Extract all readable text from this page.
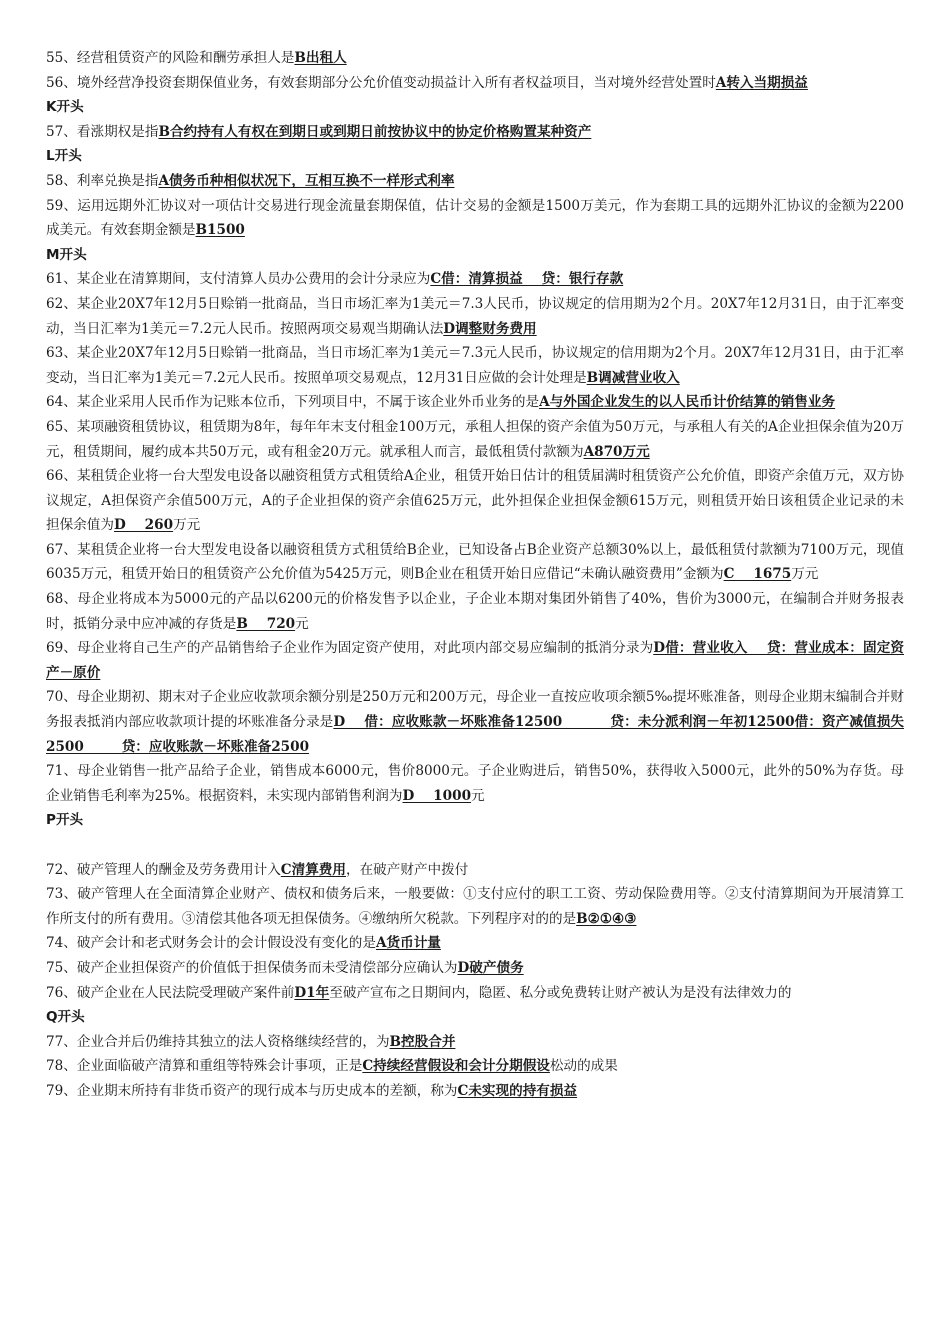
55、经营租赁资产的风险和酬劳承担人是B出租人

56、境外经营净投资套期保值业务，有效套期部分公允价值变动损益计入所有者权益项目，当对境外经营处置时A转入当期损益

K开头

57、看涨期权是指B合约持有人有权在到期日或到期日前按协议中的协定价格购置某种资产

L开头

58、利率兑换是指A债务币种相似状况下，互相互换不一样形式利率

59、运用远期外汇协议对一项估计交易进行现金流量套期保值，估计交易的金额是1500万美元，作为套期工具的远期外汇协议的金额为2200成美元。有效套期金额是B1500

M开头

61、某企业在清算期间，支付清算人员办公费用的会计分录应为C借：清算损益    贷：银行存款

62、某企业20X7年12月5日赊销一批商品，当日市场汇率为1美元＝7.3人民币，协议规定的信用期为2个月。20X7年12月31日，由于汇率变动，当日汇率为1美元＝7.2元人民币。按照两项交易观当期确认法D调整财务费用

63、某企业20X7年12月5日赊销一批商品，当日市场汇率为1美元＝7.3元人民币，协议规定的信用期为2个月。20X7年12月31日，由于汇率变动，当日汇率为1美元＝7.2元人民币。按照单项交易观点，12月31日应做的会计处理是B调减营业收入

64、某企业采用人民币作为记账本位币，下列项目中，不属于该企业外币业务的是A与外国企业发生的以人民币计价结算的销售业务

65、某项融资租赁协议，租赁期为8年，每年年末支付租金100万元，承租人担保的资产余值为50万元，与承租人有关的A企业担保余值为20万元，租赁期间，履约成本共50万元，或有租金20万元。就承租人而言，最低租赁付款额为A870万元

66、某租赁企业将一台大型发电设备以融资租赁方式租赁给A企业，租赁开始日估计的租赁届满时租赁资产公允价值，即资产余值万元，双方协议规定，A担保资产余值500万元，A的子企业担保的资产余值625万元，此外担保企业担保金额615万元，则租赁开始日该租赁企业记录的未担保余值为D    260万元

67、某租赁企业将一台大型发电设备以融资租赁方式租赁给B企业，已知设备占B企业资产总额30%以上，最低租赁付款额为7100万元，现值6035万元，租赁开始日的租赁资产公允价值为5425万元，则B企业在租赁开始日应借记“未确认融资费用”金额为C    1675万元

68、母企业将成本为5000元的产品以6200元的价格发售予以企业，子企业本期对集团外销售了40%，售价为3000元，在编制合并财务报表时，抵销分录中应冲减的存货是B    720元

69、母企业将自己生产的产品销售给子企业作为固定资产使用，对此项内部交易应编制的抵消分录为D借：营业收入    贷：营业成本：固定资产－原价

70、母企业期初、期末对子企业应收款项余额分别是250万元和200万元，母企业一直按应收项余额5‰提坏账准备，则母企业期末编制合并财务报表抵消内部应收款项计提的坏账准备分录是D    借：应收账款－坏账准备12500          贷：未分派利润－年初12500借：资产减值损失2500        贷：应收账款－坏账准备2500

71、母企业销售一批产品给子企业，销售成本6000元，售价8000元。子企业购进后，销售50%，获得收入5000元，此外的50%为存货。母企业销售毛利率为25%。根据资料，未实现内部销售利润为D    1000元

P开头

72、破产管理人的酬金及劳务费用计入C清算费用，在破产财产中拨付

73、破产管理人在全面清算企业财产、债权和债务后来，一般要做：①支付应付的职工工资、劳动保险费用等。②支付清算期间为开展清算工作所支付的所有费用。③清偿其他各项无担保债务。④缴纳所欠税款。下列程序对的的是B②①④③

74、破产会计和老式财务会计的会计假设没有变化的是A货币计量

75、破产企业担保资产的价值低于担保债务而未受清偿部分应确认为D破产债务

76、破产企业在人民法院受理破产案件前D1年至破产宣布之日期间内，隐匿、私分或免费转让财产被认为是没有法律效力的

Q开头

77、企业合并后仍维持其独立的法人资格继续经营的，为B控股合并

78、企业面临破产清算和重组等特殊会计事项，正是C持续经营假设和会计分期假设松动的成果

79、企业期末所持有非货币资产的现行成本与历史成本的差额，称为C未实现的持有损益
